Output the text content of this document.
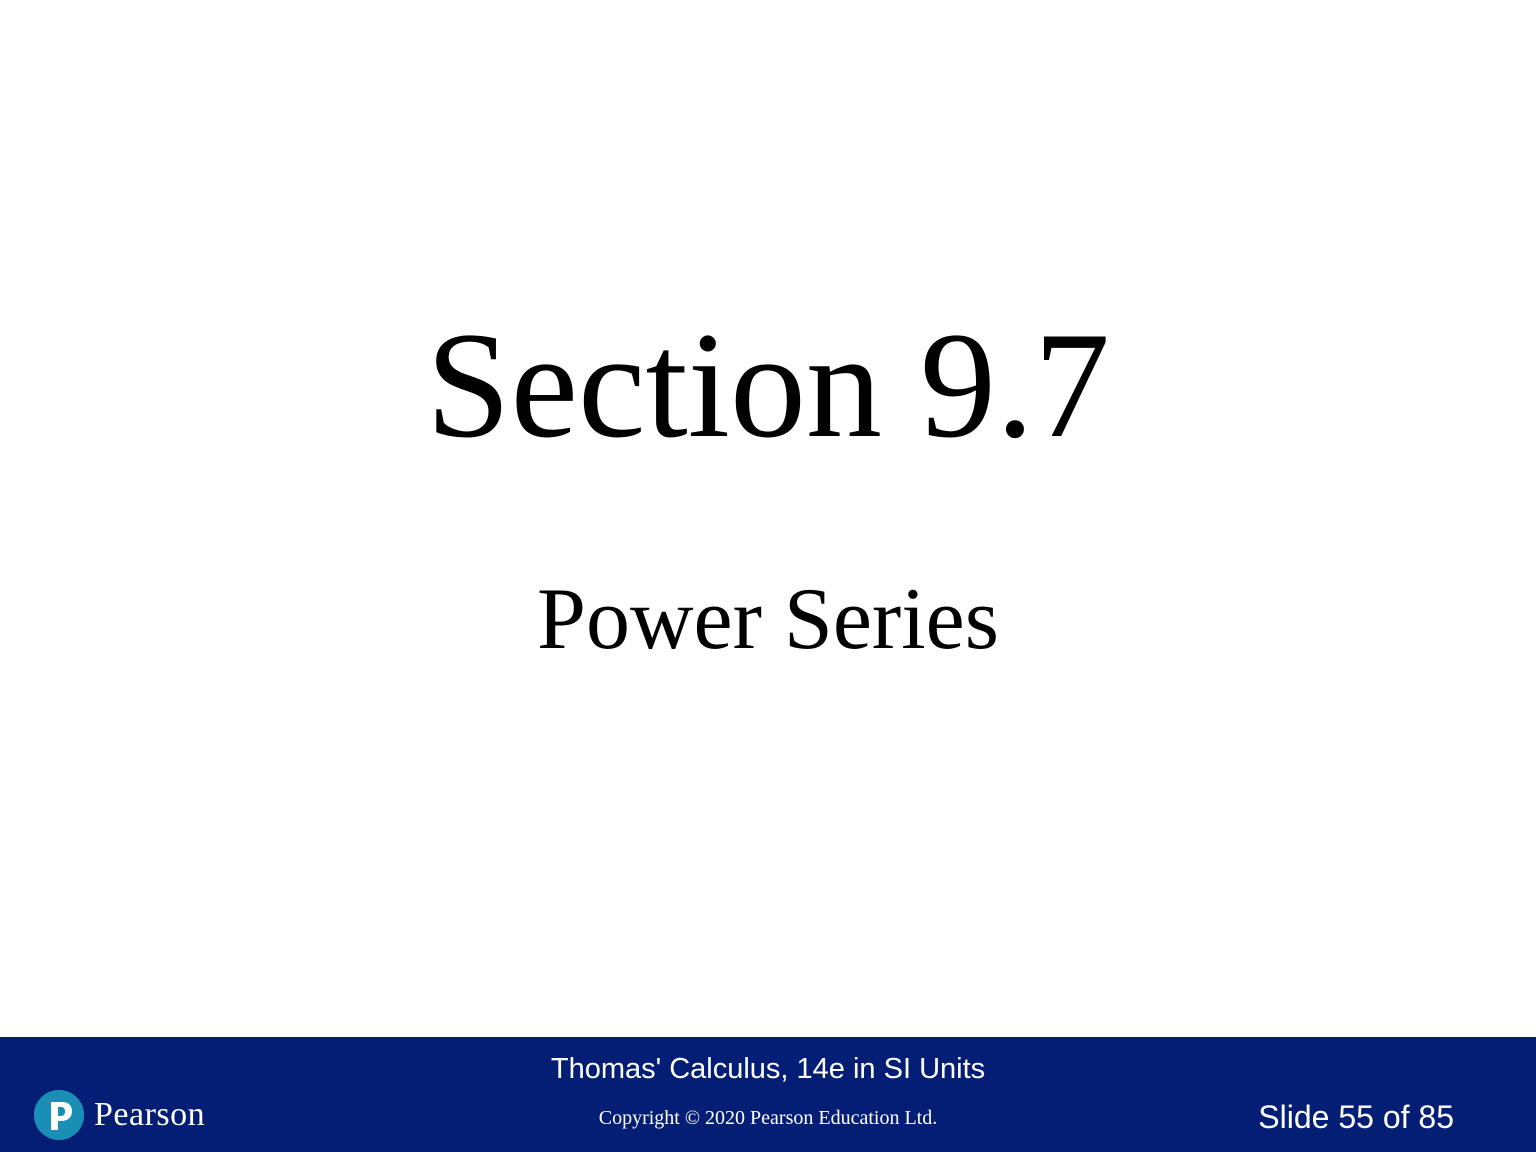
Section 9.7
Power Series
Thomas' Calculus, 14e in SI Units
Copyright © 2020 Pearson Education Ltd.	Slide 55 of 85
Pearson
